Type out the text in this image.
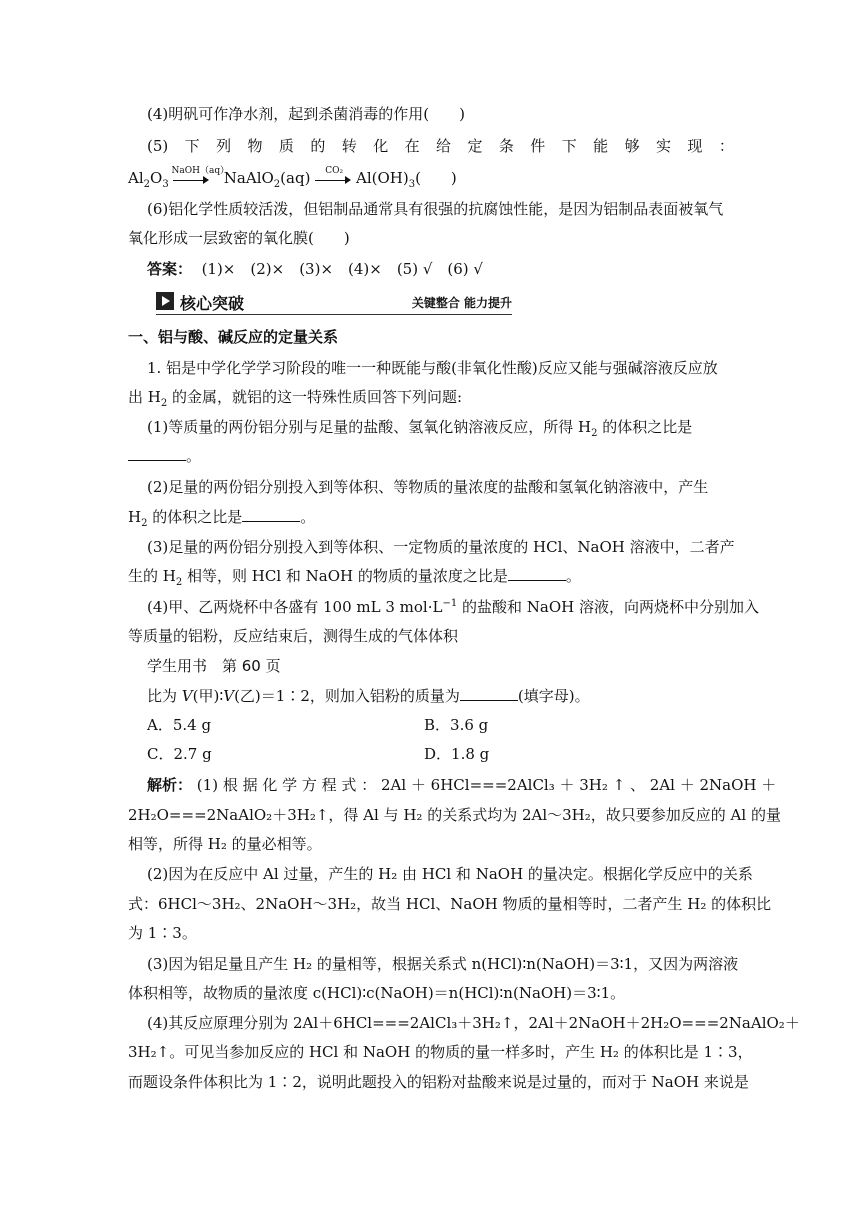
(4)明矾可作净水剂，起到杀菌消毒的作用(　　)
(5) 下 列 物 质 的 转 化 在 给 定 条 件 下 能 够 实 现 ：
$Al_2O_3$
NaOH（aq）
NaAlO$_2$(aq) CO₂ $Al(OH)_3$(　　)
(6)铝化学性质较活泼，但铝制品通常具有很强的抗腐蚀性能，是因为铝制品表面被氧气
氧化形成一层致密的氧化膜(　　)
答案： (1)×　(2)×　(3)×　(4)×　(5) √　(6) √
核心突破	关键整合 能力提升
一、铝与酸、碱反应的定量关系
1. 铝是中学化学学习阶段的唯一一种既能与酸(非氧化性酸)反应又能与强碱溶液反应放
出 $H_2$ 的金属，就铝的这一特殊性质回答下列问题:
(1)等质量的两份铝分别与足量的盐酸、氢氧化钠溶液反应，所得 $H_2$ 的体积之比是
。
(2)足量的两份铝分别投入到等体积、等物质的量浓度的盐酸和氢氧化钠溶液中，产生
$H_2$ 的体积之比是	。
(3)足量的两份铝分别投入到等体积、一定物质的量浓度的 HCl、NaOH 溶液中，二者产
生的 $H_2$ 相等，则 HCl 和 NaOH 的物质的量浓度之比是	。
(4)甲、乙两烧杯中各盛有 100 mL 3 $mol\cdot L^{-1}$ 的盐酸和 NaOH 溶液，向两烧杯中分别加入
等质量的铝粉，反应结束后，测得生成的气体体积
学生用书　第 60 页
比为 V(甲)∶V(乙)＝1∶2，则加入铝粉的质量为	(填字母)。
A．5.4 g	B．3.6 g
C．2.7 g	D．1.8 g
解析： (1) 根 据 化 学 方 程 式 ： 2Al ＋ 6HCl===2AlCl₃ ＋ 3H₂ ↑ 、 2Al ＋ 2NaOH ＋
2H₂O===2NaAlO₂＋3H₂↑，得 Al 与 H₂ 的关系式均为 2Al～3H₂，故只要参加反应的 Al 的量
相等，所得 H₂ 的量必相等。
(2)因为在反应中 Al 过量，产生的 H₂ 由 HCl 和 NaOH 的量决定。根据化学反应中的关系
式：6HCl～3H₂、2NaOH～3H₂，故当 HCl、NaOH 物质的量相等时，二者产生 H₂ 的体积比
为 1∶3。
(3)因为铝足量且产生 H₂ 的量相等，根据关系式 n(HCl)∶n(NaOH)＝3∶1，又因为两溶液
体积相等，故物质的量浓度 c(HCl)∶c(NaOH)＝n(HCl)∶n(NaOH)＝3∶1。
(4)其反应原理分别为 2Al＋6HCl===2AlCl₃＋3H₂↑，2Al＋2NaOH＋2H₂O===2NaAlO₂＋
3H₂↑。可见当参加反应的 HCl 和 NaOH 的物质的量一样多时，产生 H₂ 的体积比是 1∶3，
而题设条件体积比为 1∶2，说明此题投入的铝粉对盐酸来说是过量的，而对于 NaOH 来说是
